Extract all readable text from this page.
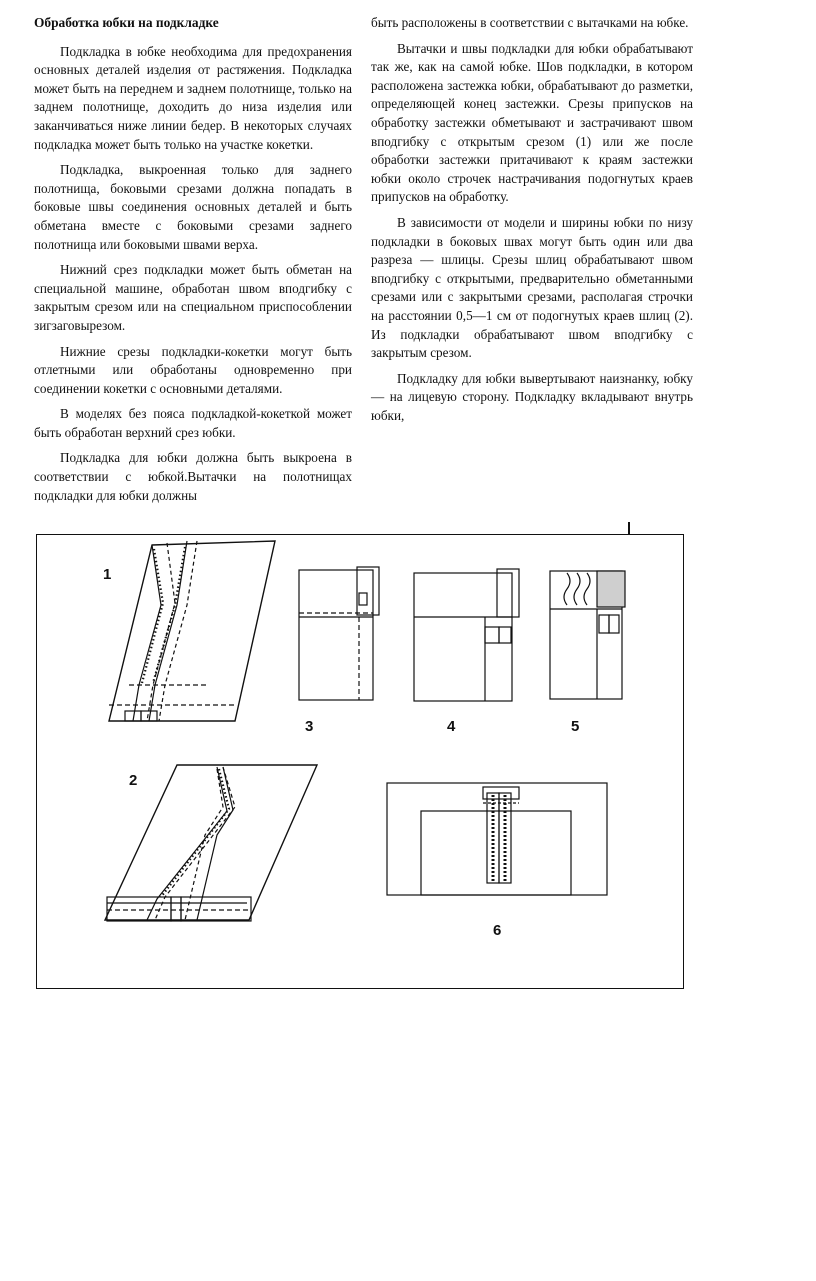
Обработка юбки на подкладке

Подкладка в юбке необходима для предохранения основных деталей изделия от растяжения. Подкладка может быть на переднем и заднем полотнище, только на заднем полотнище, доходить до низа изделия или заканчиваться ниже линии бедер. В некоторых случаях подкладка может быть только на участке кокетки.

Подкладка, выкроенная только для заднего полотнища, боковыми срезами должна попадать в боковые швы соединения основных деталей и быть обметана вместе с боковыми срезами заднего полотнища или боковыми швами верха.

Нижний срез подкладки может быть обметан на специальной машине, обработан швом вподгибку с закрытым срезом или на специальном приспособлении зигзаговырезом.

Нижние срезы подкладки-кокетки могут быть отлетными или обработаны одновременно при соединении кокетки с основными деталями.

В моделях без пояса подкладкой-кокеткой может быть обработан верхний срез юбки.

Подкладка для юбки должна быть выкроена в соответствии с юбкой.Вытачки на полотнищах подкладки для юбки должны

быть расположены в соответствии с вытачками на юбке.

Вытачки и швы подкладки для юбки обрабатывают так же, как на самой юбке. Шов подкладки, в котором расположена застежка юбки, обрабатывают до разметки, определяющей конец застежки. Срезы припусков на обработку застежки обметывают и застрачивают швом вподгибку с открытым срезом (1) или же после обработки застежки притачивают к краям застежки юбки около строчек настрачивания подогнутых краев припусков на обработку.

В зависимости от модели и ширины юбки по низу подкладки в боковых швах могут быть один или два разреза — шлицы. Срезы шлиц обрабатывают швом вподгибку с открытыми, предварительно обметанными срезами или с закрытыми срезами, располагая строчки на расстоянии 0,5—1 см от подогнутых краев шлиц (2). Из подкладки обрабатывают швом вподгибку с закрытым срезом.

Подкладку для юбки вывертывают наизнанку, юбку — на лицевую сторону. Подкладку вкладывают внутрь юбки,

1
2
3	4	5
6
